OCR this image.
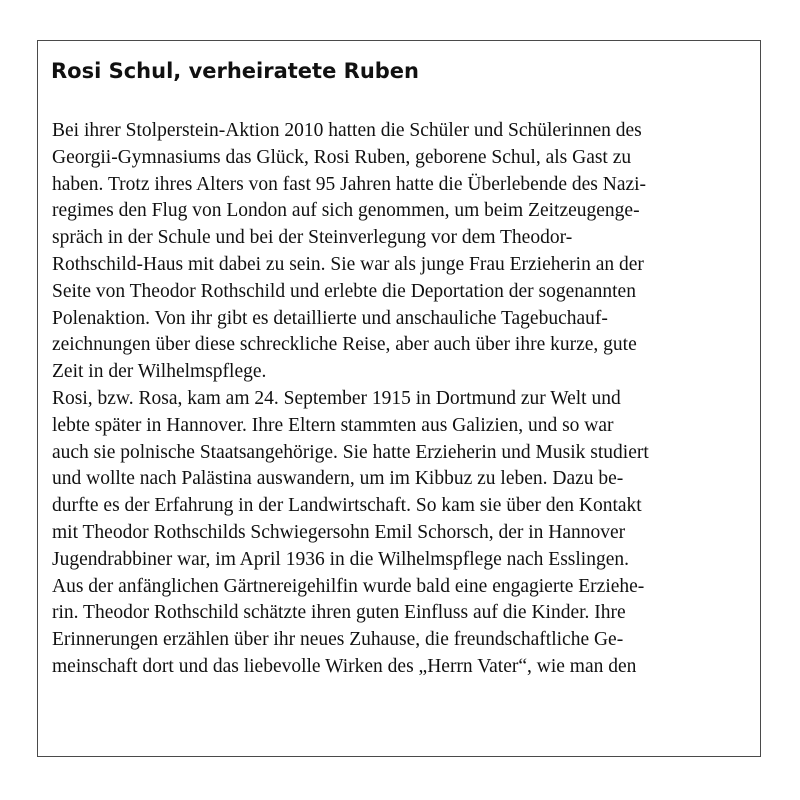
Rosi Schul, verheiratete Ruben
Bei ihrer Stolperstein-Aktion 2010 hatten die Schüler und Schülerinnen des
Georgii-Gymnasiums das Glück, Rosi Ruben, geborene Schul, als Gast zu
haben. Trotz ihres Alters von fast 95 Jahren hatte die Überlebende des Nazi-
regimes den Flug von London auf sich genommen, um beim Zeitzeugenge-
spräch in der Schule und bei der Steinverlegung vor dem Theodor-
Rothschild-Haus mit dabei zu sein. Sie war als junge Frau Erzieherin an der
Seite von Theodor Rothschild und erlebte die Deportation der sogenannten
Polenaktion. Von ihr gibt es detaillierte und anschauliche Tagebuchauf-
zeichnungen über diese schreckliche Reise, aber auch über ihre kurze, gute
Zeit in der Wilhelmspflege.
Rosi, bzw. Rosa, kam am 24. September 1915 in Dortmund zur Welt und
lebte später in Hannover. Ihre Eltern stammten aus Galizien, und so war
auch sie polnische Staatsangehörige. Sie hatte Erzieherin und Musik studiert
und wollte nach Palästina auswandern, um im Kibbuz zu leben. Dazu be-
durfte es der Erfahrung in der Landwirtschaft. So kam sie über den Kontakt
mit Theodor Rothschilds Schwiegersohn Emil Schorsch, der in Hannover
Jugendrabbiner war, im April 1936 in die Wilhelmspflege nach Esslingen.
Aus der anfänglichen Gärtnereigehilfin wurde bald eine engagierte Erziehe-
rin. Theodor Rothschild schätzte ihren guten Einfluss auf die Kinder. Ihre
Erinnerungen erzählen über ihr neues Zuhause, die freundschaftliche Ge-
meinschaft dort und das liebevolle Wirken des „Herrn Vater“, wie man den
